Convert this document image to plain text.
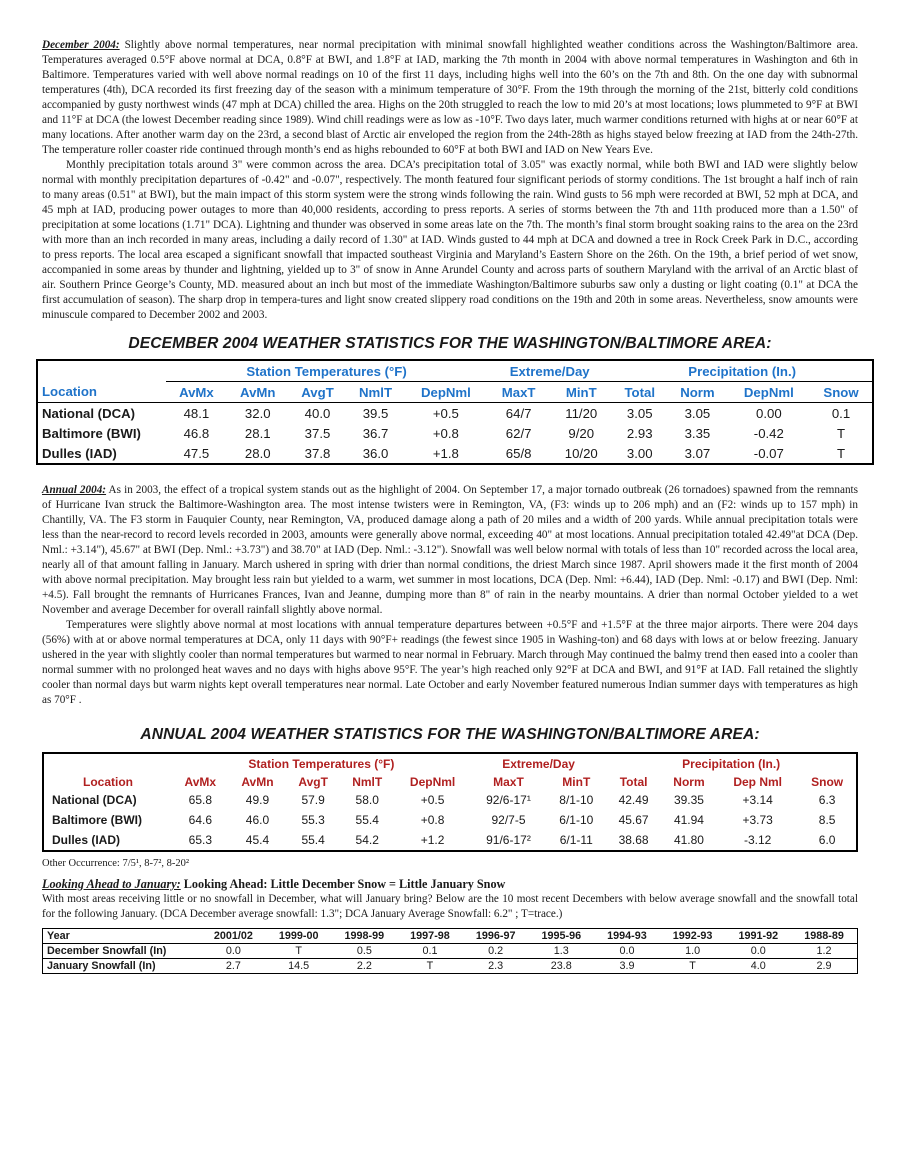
December 2004: Slightly above normal temperatures, near normal precipitation with minimal snowfall highlighted weather conditions across the Washington/Baltimore area. Temperatures averaged 0.5°F above normal at DCA, 0.8°F at BWI, and 1.8°F at IAD, marking the 7th month in 2004 with above normal temperatures in Washington and 6th in Baltimore. Temperatures varied with well above normal readings on 10 of the first 11 days, including highs well into the 60’s on the 7th and 8th. On the one day with subnormal temperatures (4th), DCA recorded its first freezing day of the season with a minimum temperature of 30°F. From the 19th through the morning of the 21st, bitterly cold conditions accompanied by gusty northwest winds (47 mph at DCA) chilled the area. Highs on the 20th struggled to reach the low to mid 20’s at most locations; lows plummeted to 9°F at BWI and 11°F at DCA (the lowest December reading since 1989). Wind chill readings were as low as -10°F. Two days later, much warmer conditions returned with highs at or near 60°F at many locations. After another warm day on the 23rd, a second blast of Arctic air enveloped the region from the 24th-28th as highs stayed below freezing at IAD from the 24th-27th. The temperature roller coaster ride continued through month’s end as highs rebounded to 60°F at both BWI and IAD on New Years Eve.

Monthly precipitation totals around 3" were common across the area. DCA’s precipitation total of 3.05" was exactly normal, while both BWI and IAD were slightly below normal with monthly precipitation departures of -0.42" and -0.07", respectively. The month featured four significant periods of stormy conditions. The 1st brought a half inch of rain to many areas (0.51" at BWI), but the main impact of this storm system were the strong winds following the rain. Wind gusts to 56 mph were recorded at BWI, 52 mph at DCA, and 45 mph at IAD, producing power outages to more than 40,000 residents, according to press reports. A series of storms between the 7th and 11th produced more than a 1.50" of precipitation at some locations (1.71" DCA). Lightning and thunder was observed in some areas late on the 7th. The month’s final storm brought soaking rains to the area on the 23rd with more than an inch recorded in many areas, including a daily record of 1.30" at IAD. Winds gusted to 44 mph at DCA and downed a tree in Rock Creek Park in D.C., according to press reports. The local area escaped a significant snowfall that impacted southeast Virginia and Maryland’s Eastern Shore on the 26th. On the 19th, a brief period of wet snow, accompanied in some areas by thunder and lightning, yielded up to 3" of snow in Anne Arundel County and across parts of southern Maryland with the arrival of an Arctic blast of air. Southern Prince George’s County, MD. measured about an inch but most of the immediate Washington/Baltimore suburbs saw only a dusting or light coating (0.1" at DCA the first accumulation of season). The sharp drop in tempera-tures and light snow created slippery road conditions on the 19th and 20th in some areas. Nevertheless, snow amounts were minuscule compared to December 2002 and 2003.

DECEMBER 2004 WEATHER STATISTICS FOR THE WASHINGTON/BALTIMORE AREA:
	Station Temperatures (°F)					Extreme/Day		Precipitation (In.)			
Location	AvMx	AvMn	AvgT	NmlT	DepNml	MaxT	MinT	Total	Norm	DepNml	Snow
National (DCA)	48.1	32.0	40.0	39.5	+0.5	64/7	11/20	3.05	3.05	0.00	0.1
Baltimore (BWI)	46.8	28.1	37.5	36.7	+0.8	62/7	9/20	2.93	3.35	-0.42	T
Dulles (IAD)	47.5	28.0	37.8	36.0	+1.8	65/8	10/20	3.00	3.07	-0.07	T

Annual 2004: As in 2003, the effect of a tropical system stands out as the highlight of 2004. On September 17, a major tornado outbreak (26 tornadoes) spawned from the remnants of Hurricane Ivan struck the Baltimore-Washington area. The most intense twisters were in Remington, VA, (F3: winds up to 206 mph) and an (F2: winds up to 157 mph) in Chantilly, VA. The F3 storm in Fauquier County, near Remington, VA, produced damage along a path of 20 miles and a width of 200 yards. While annual precipitation totals were less than the near-record to record levels recorded in 2003, amounts were generally above normal, exceeding 40" at most locations. Annual precipitation totaled 42.49"at DCA (Dep. Nml.: +3.14"), 45.67" at BWI (Dep. Nml.: +3.73") and 38.70" at IAD (Dep. Nml.: -3.12"). Snowfall was well below normal with totals of less than 10" recorded across the local area, nearly all of that amount falling in January. March ushered in spring with drier than normal conditions, the driest March since 1987. April showers made it the first month of 2004 with above normal precipitation. May brought less rain but yielded to a warm, wet summer in most locations, DCA (Dep. Nml: +6.44), IAD (Dep. Nml: -0.17) and BWI (Dep. Nml: +4.5). Fall brought the remnants of Hurricanes Frances, Ivan and Jeanne, dumping more than 8" of rain in the nearby mountains. A drier than normal October yielded to a wet November and average December for overall rainfall slightly above normal.

Temperatures were slightly above normal at most locations with annual temperature departures between +0.5°F and +1.5°F at the three major airports. There were 204 days (56%) with at or above normal temperatures at DCA, only 11 days with 90°F+ readings (the fewest since 1905 in Washing-ton) and 68 days with lows at or below freezing. January ushered in the year with slightly cooler than normal temperatures but warmed to near normal in February. March through May continued the balmy trend then eased into a cooler than normal summer with no prolonged heat waves and no days with highs above 95°F. The year’s high reached only 92°F at DCA and BWI, and 91°F at IAD. Fall retained the slightly cooler than normal days but warm nights kept overall temperatures near normal. Late October and early November featured numerous Indian summer days with temperatures as high as 70°F .

ANNUAL 2004 WEATHER STATISTICS FOR THE WASHINGTON/BALTIMORE AREA:
	Station Temperatures (°F)					Extreme/Day		Precipitation (In.)			
Location	AvMx	AvMn	AvgT	NmlT	DepNml	MaxT	MinT	Total	Norm	Dep Nml	Snow
National (DCA)	65.8	49.9	57.9	58.0	+0.5	92/6-17¹	8/1-10	42.49	39.35	+3.14	6.3
Baltimore (BWI)	64.6	46.0	55.3	55.4	+0.8	92/7-5	6/1-10	45.67	41.94	+3.73	8.5
Dulles (IAD)	65.3	45.4	55.4	54.2	+1.2	91/6-17²	6/1-11	38.68	41.80	-3.12	6.0

Other Occurrence: 7/5¹, 8-7², 8-20²

Looking Ahead to January: Looking Ahead: Little December Snow = Little January Snow

With most areas receiving little or no snowfall in December, what will January bring? Below are the 10 most recent Decembers with below average snowfall and the snowfall total for the following January. (DCA December average snowfall: 1.3"; DCA January Average Snowfall: 6.2" ; T=trace.)

Year	2001/02	1999-00	1998-99	1997-98	1996-97	1995-96	1994-93	1992-93	1991-92	1988-89
December Snowfall (In)	0.0	T	0.5	0.1	0.2	1.3	0.0	1.0	0.0	1.2
January Snowfall (In)	2.7	14.5	2.2	T	2.3	23.8	3.9	T	4.0	2.9
